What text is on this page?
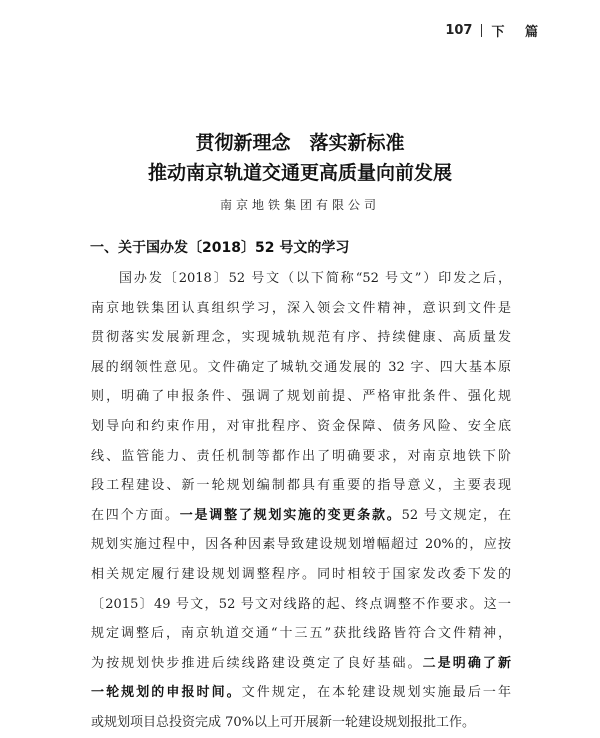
107 下 篇
贯彻新理念　落实新标准
推动南京轨道交通更高质量向前发展
南京地铁集团有限公司
一、关于国办发〔2018〕52 号文的学习
国办发〔2018〕52 号文（以下简称“52 号文”）印发之后，
南京地铁集团认真组织学习，深入领会文件精神，意识到文件是
贯彻落实发展新理念，实现城轨规范有序、持续健康、高质量发
展的纲领性意见。文件确定了城轨交通发展的 32 字、四大基本原
则，明确了申报条件、强调了规划前提、严格审批条件、强化规
划导向和约束作用，对审批程序、资金保障、债务风险、安全底
线、监管能力、责任机制等都作出了明确要求，对南京地铁下阶
段工程建设、新一轮规划编制都具有重要的指导意义，主要表现
在四个方面。一是调整了规划实施的变更条款。52 号文规定，在
规划实施过程中，因各种因素导致建设规划增幅超过 20%的，应按
相关规定履行建设规划调整程序。同时相较于国家发改委下发的
〔2015〕49 号文，52 号文对线路的起、终点调整不作要求。这一
规定调整后，南京轨道交通“十三五”获批线路皆符合文件精神，
为按规划快步推进后续线路建设奠定了良好基础。二是明确了新
一轮规划的申报时间。文件规定，在本轮建设规划实施最后一年
或规划项目总投资完成 70%以上可开展新一轮建设规划报批工作。
